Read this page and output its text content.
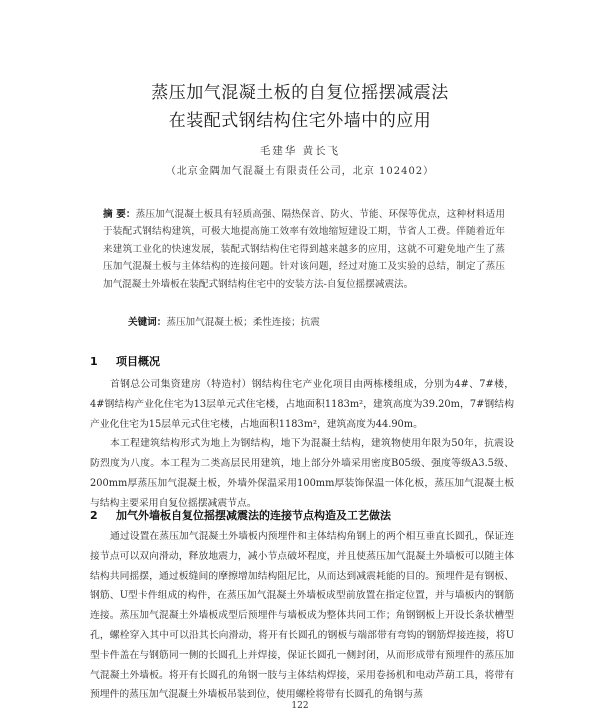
蒸压加气混凝土板的自复位摇摆减震法
在装配式钢结构住宅外墙中的应用
毛建华 黄长飞
（北京金隅加气混凝土有限责任公司，北京 102402）
摘 要：蒸压加气混凝土板具有轻质高强、隔热保音、防火、节能、环保等优点，这种材料适用于装配式钢结构建筑，可极大地提高施工效率有效地缩短建设工期，节省人工费。伴随着近年来建筑工业化的快速发展，装配式钢结构住宅得到越来越多的应用，这就不可避免地产生了蒸压加气混凝土板与主体结构的连接问题。针对该问题，经过对施工及实验的总结，制定了蒸压加气混凝土外墙板在装配式钢结构住宅中的安装方法-自复位摇摆减震法。
关键词：蒸压加气混凝土板；柔性连接；抗震
1 项目概况

首钢总公司集资建房（特造村）钢结构住宅产业化项目由两栋楼组成，分别为4#、7#楼，4#钢结构产业化住宅为13层单元式住宅楼，占地面积1183m²，建筑高度为39.20m，7#钢结构产业化住宅为15层单元式住宅楼，占地面积1183m²，建筑高度为44.90m。

本工程建筑结构形式为地上为钢结构，地下为混凝土结构，建筑物使用年限为50年，抗震设防烈度为八度。本工程为二类高层民用建筑，地上部分外墙采用密度B05级、强度等级A3.5级、200mm厚蒸压加气混凝土板，外墙外保温采用100mm厚装饰保温一体化板，蒸压加气混凝土板与结构主要采用自复位摇摆减震节点。

2 加气外墙板自复位摇摆减震法的连接节点构造及工艺做法

通过设置在蒸压加气混凝土外墙板内预埋件和主体结构角钢上的两个相互垂直长圆孔，保证连接节点可以双向滑动，释放地震力，减小节点破坏程度，并且使蒸压加气混凝土外墙板可以随主体结构共同摇摆，通过板缝间的摩擦增加结构阻尼比，从而达到减震耗能的目的。预埋件是有钢板、钢筋、U型卡件组成的构件，在蒸压加气混凝土外墙板成型前放置在指定位置，并与墙板内的钢筋连接。蒸压加气混凝土外墙板成型后预埋件与墙板成为整体共同工作；角钢钢板上开设长条状槽型孔，螺栓穿入其中可以沿其长向滑动，将开有长圆孔的钢板与端部带有弯钩的钢筋焊接连接，将U型卡件盖在与钢筋同一侧的长圆孔上并焊接，保证长圆孔一侧封闭，从而形成带有预埋件的蒸压加气混凝土外墙板。将开有长圆孔的角钢一肢与主体结构焊接，采用卷扬机和电动芦葫工具，将带有预埋件的蒸压加气混凝土外墙板吊装到位，使用螺栓将带有长圆孔的角钢与蒸

122
